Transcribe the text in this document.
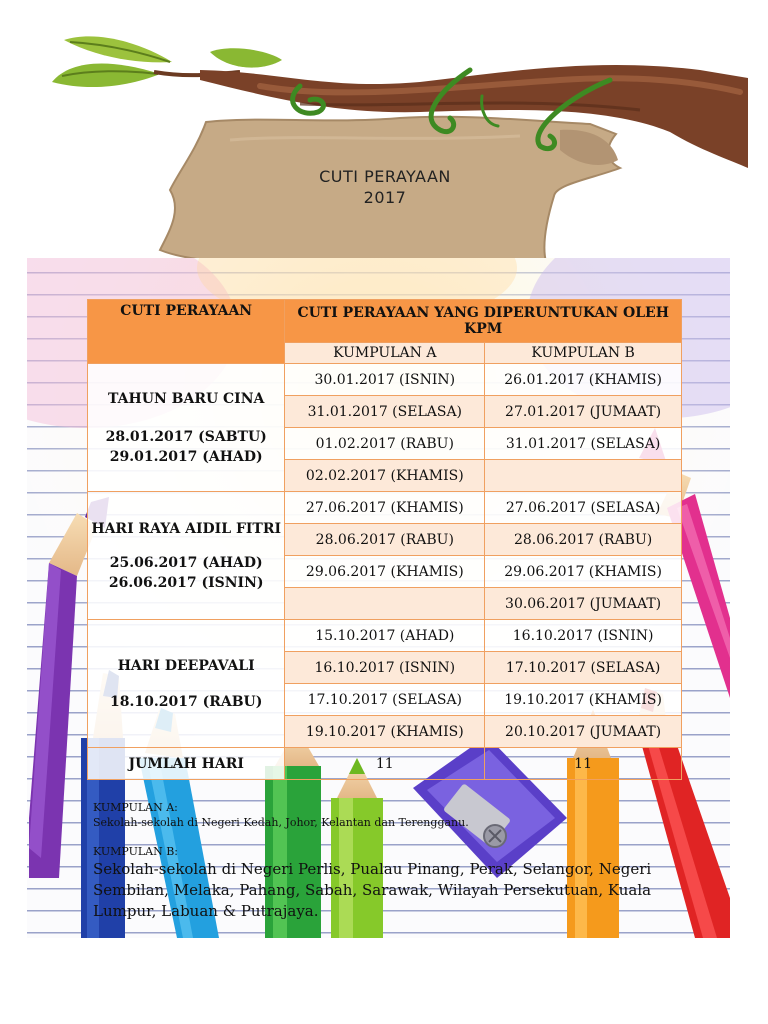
CUTI PERAYAAN
2017
CUTI PERAYAAN	CUTI PERAYAAN YANG DIPERUNTUKAN OLEH KPM	
	KUMPULAN A	KUMPULAN B

TAHUN BARU CINA
28.01.2017 (SABTU)
29.01.2017 (AHAD)	30.01.2017 (ISNIN)	26.01.2017 (KHAMIS)
	31.01.2017 (SELASA)	27.01.2017 (JUMAAT)
	01.02.2017 (RABU)	31.01.2017 (SELASA)
	02.02.2017 (KHAMIS)	

HARI RAYA AIDIL FITRI
25.06.2017 (AHAD)
26.06.2017 (ISNIN)	27.06.2017 (KHAMIS)	27.06.2017 (SELASA)
	28.06.2017 (RABU)	28.06.2017 (RABU)
	29.06.2017 (KHAMIS)	29.06.2017 (KHAMIS)
		30.06.2017 (JUMAAT)

HARI DEEPAVALI
18.10.2017 (RABU)	15.10.2017 (AHAD)	16.10.2017 (ISNIN)
	16.10.2017 (ISNIN)	17.10.2017 (SELASA)
	17.10.2017 (SELASA)	19.10.2017 (KHAMIS)
	19.10.2017 (KHAMIS)	20.10.2017 (JUMAAT)
JUMLAH HARI	11	11
KUMPULAN A:
Sekolah-sekolah di Negeri Kedah, Johor, Kelantan dan Terengganu.
KUMPULAN B:
Sekolah-sekolah di Negeri Perlis, Pualau Pinang, Perak, Selangor, Negeri Sembilan, Melaka, Pahang, Sabah, Sarawak, Wilayah Persekutuan, Kuala Lumpur, Labuan & Putrajaya.
